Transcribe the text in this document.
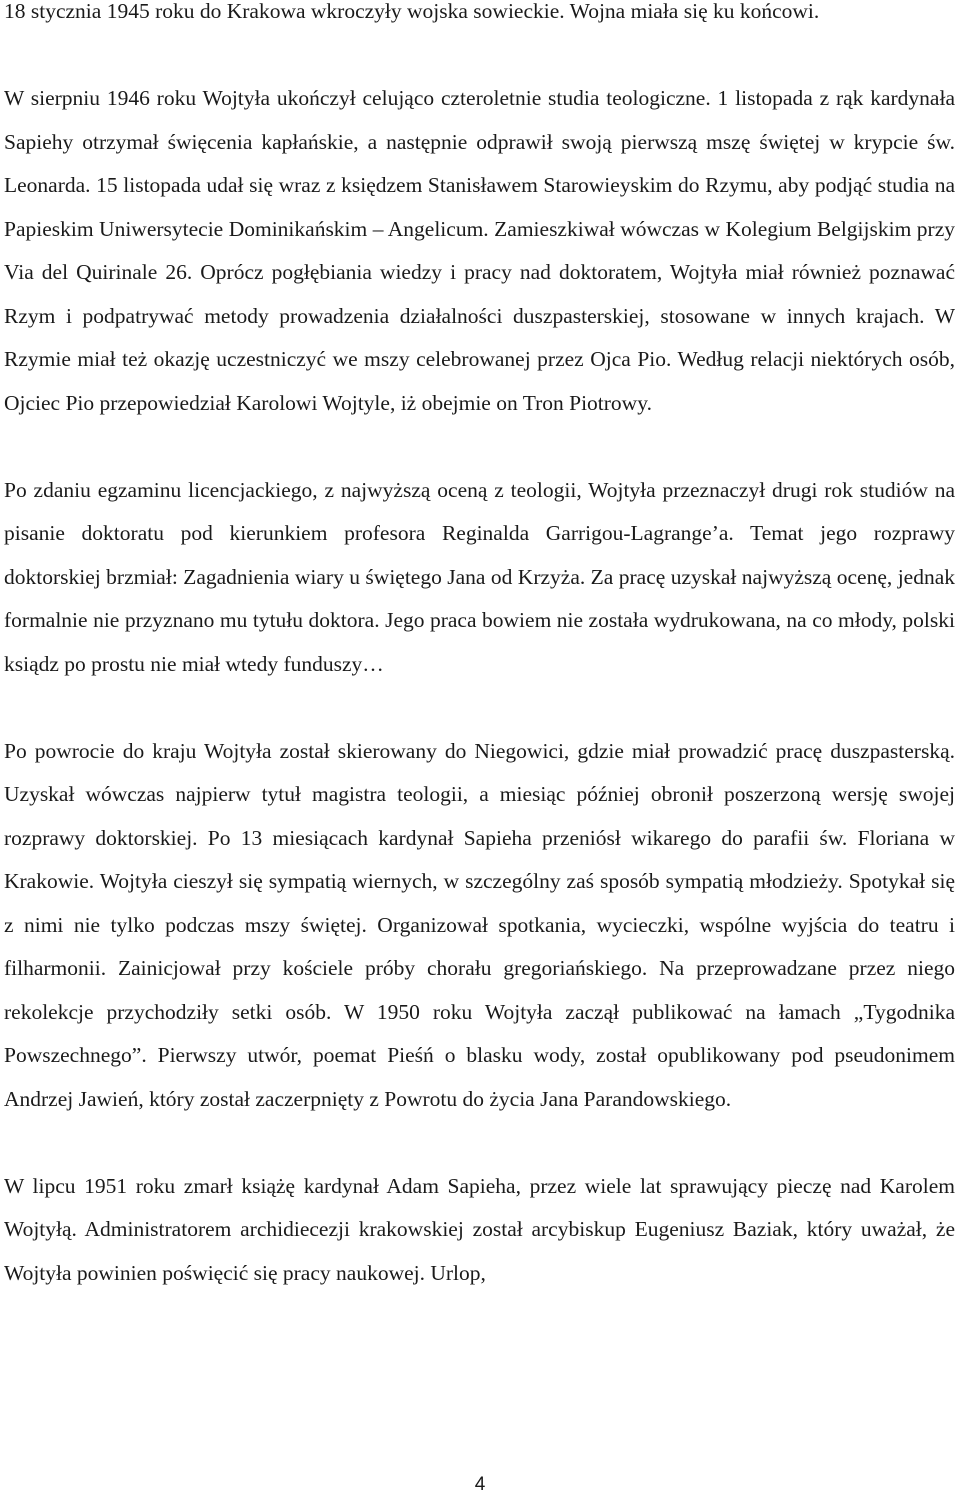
18 stycznia 1945 roku do Krakowa wkroczyły wojska sowieckie. Wojna miała się ku końcowi.

W sierpniu 1946 roku Wojtyła ukończył celująco czteroletnie studia teologiczne. 1 listopada z rąk kardynała Sapiehy otrzymał święcenia kapłańskie, a następnie odprawił swoją pierwszą mszę świętej w krypcie św. Leonarda. 15 listopada udał się wraz z księdzem Stanisławem Starowieyskim do Rzymu, aby podjąć studia na Papieskim Uniwersytecie Dominikańskim – Angelicum. Zamieszkiwał wówczas w Kolegium Belgijskim przy Via del Quirinale 26. Oprócz pogłębiania wiedzy i pracy nad doktoratem, Wojtyła miał również poznawać Rzym i podpatrywać metody prowadzenia działalności duszpasterskiej, stosowane w innych krajach. W Rzymie miał też okazję uczestniczyć we mszy celebrowanej przez Ojca Pio. Według relacji niektórych osób, Ojciec Pio przepowiedział Karolowi Wojtyle, iż obejmie on Tron Piotrowy.

Po zdaniu egzaminu licencjackiego, z najwyższą oceną z teologii, Wojtyła przeznaczył drugi rok studiów na pisanie doktoratu pod kierunkiem profesora Reginalda Garrigou-Lagrange’a. Temat jego rozprawy doktorskiej brzmiał: Zagadnienia wiary u świętego Jana od Krzyża. Za pracę uzyskał najwyższą ocenę, jednak formalnie nie przyznano mu tytułu doktora. Jego praca bowiem nie została wydrukowana, na co młody, polski ksiądz po prostu nie miał wtedy funduszy…

Po powrocie do kraju Wojtyła został skierowany do Niegowici, gdzie miał prowadzić pracę duszpasterską. Uzyskał wówczas najpierw tytuł magistra teologii, a miesiąc później obronił poszerzoną wersję swojej rozprawy doktorskiej. Po 13 miesiącach kardynał Sapieha przeniósł wikarego do parafii św. Floriana w Krakowie. Wojtyła cieszył się sympatią wiernych, w szczególny zaś sposób sympatią młodzieży. Spotykał się z nimi nie tylko podczas mszy świętej. Organizował spotkania, wycieczki, wspólne wyjścia do teatru i filharmonii. Zainicjował przy kościele próby chorału gregoriańskiego. Na przeprowadzane przez niego rekolekcje przychodziły setki osób. W 1950 roku Wojtyła zaczął publikować na łamach „Tygodnika Powszechnego”. Pierwszy utwór, poemat Pieśń o blasku wody, został opublikowany pod pseudonimem Andrzej Jawień, który został zaczerpnięty z Powrotu do życia Jana Parandowskiego.

W lipcu 1951 roku zmarł książę kardynał Adam Sapieha, przez wiele lat sprawujący pieczę nad Karolem Wojtyłą. Administratorem archidiecezji krakowskiej został arcybiskup Eugeniusz Baziak, który uważał, że Wojtyła powinien poświęcić się pracy naukowej. Urlop,

4
